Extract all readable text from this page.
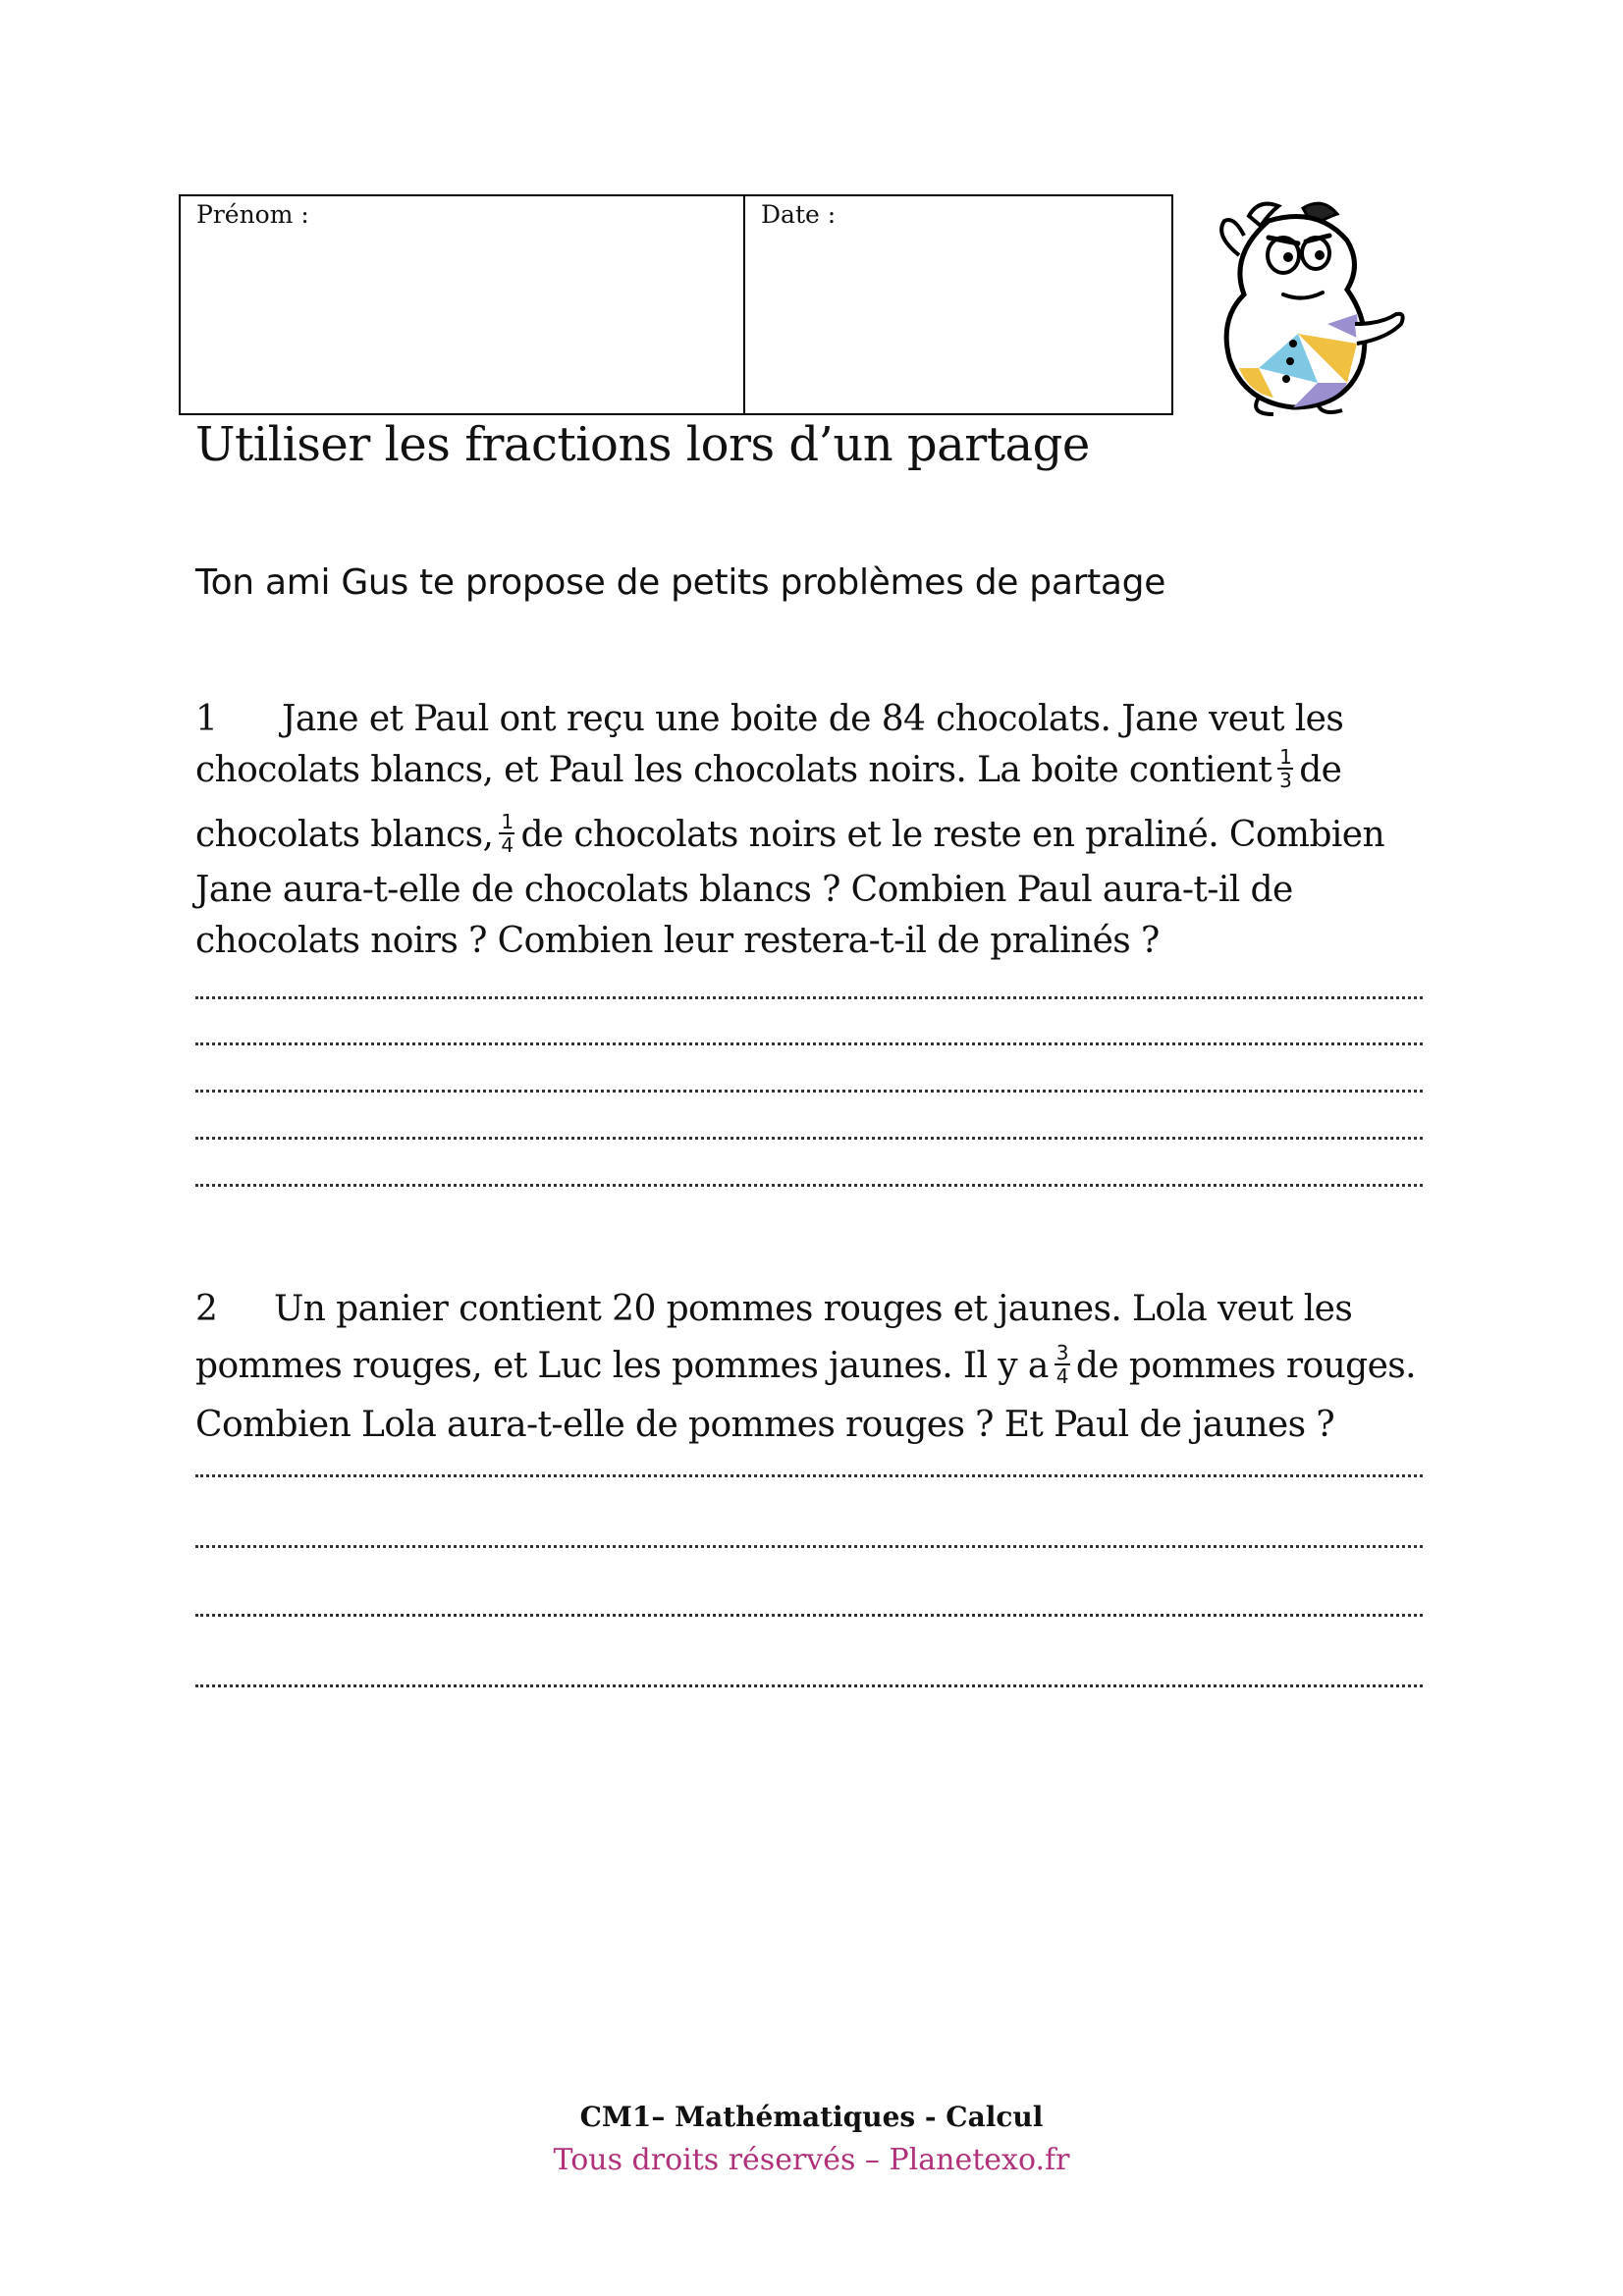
Prénom :	Date :
Utiliser les fractions lors d’un partage
Ton ami Gus te propose de petits problèmes de partage
1 Jane et Paul ont reçu une boite de 84 chocolats. Jane veut les
chocolats blancs, et Paul les chocolats noirs. La boite contient $\frac{1}{3}$ de
chocolats blancs, $\frac{1}{4}$ de chocolats noirs et le reste en praliné. Combien
Jane aura-t-elle de chocolats blancs ? Combien Paul aura-t-il de
chocolats noirs ? Combien leur restera-t-il de pralinés ?
2 Un panier contient 20 pommes rouges et jaunes. Lola veut les
pommes rouges, et Luc les pommes jaunes. Il y a $\frac{3}{4}$ de pommes rouges.
Combien Lola aura-t-elle de pommes rouges ? Et Paul de jaunes ?
CM1– Mathématiques - Calcul
Tous droits réservés – Planetexo.fr
